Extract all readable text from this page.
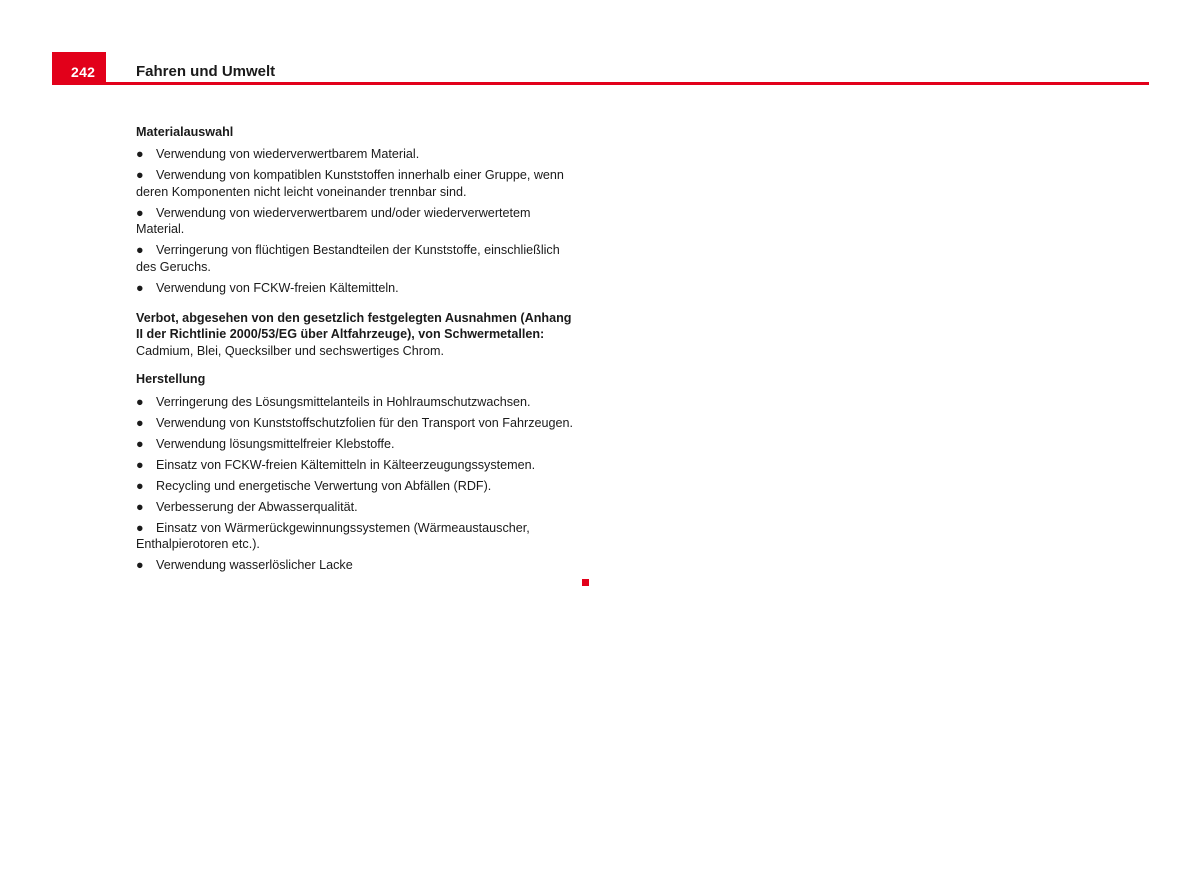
242	Fahren und Umwelt
Materialauswahl
● Verwendung von wiederverwertbarem Material.
● Verwendung von kompatiblen Kunststoffen innerhalb einer Gruppe, wenn deren Komponenten nicht leicht voneinander trennbar sind.
● Verwendung von wiederverwertbarem und/oder wiederverwertetem Material.
● Verringerung von flüchtigen Bestandteilen der Kunststoffe, einschließlich des Geruchs.
● Verwendung von FCKW-freien Kältemitteln.

Verbot, abgesehen von den gesetzlich festgelegten Ausnahmen (Anhang II der Richtlinie 2000/53/EG über Altfahrzeuge), von Schwermetallen: Cadmium, Blei, Quecksilber und sechswertiges Chrom.

Herstellung
● Verringerung des Lösungsmittelanteils in Hohlraumschutzwachsen.
● Verwendung von Kunststoffschutzfolien für den Transport von Fahrzeugen.
● Verwendung lösungsmittelfreier Klebstoffe.
● Einsatz von FCKW-freien Kältemitteln in Kälteerzeugungssystemen.
● Recycling und energetische Verwertung von Abfällen (RDF).
● Verbesserung der Abwasserqualität.
● Einsatz von Wärmerückgewinnungssystemen (Wärmeaustauscher, Enthalpierotoren etc.).
● Verwendung wasserlöslicher Lacke
